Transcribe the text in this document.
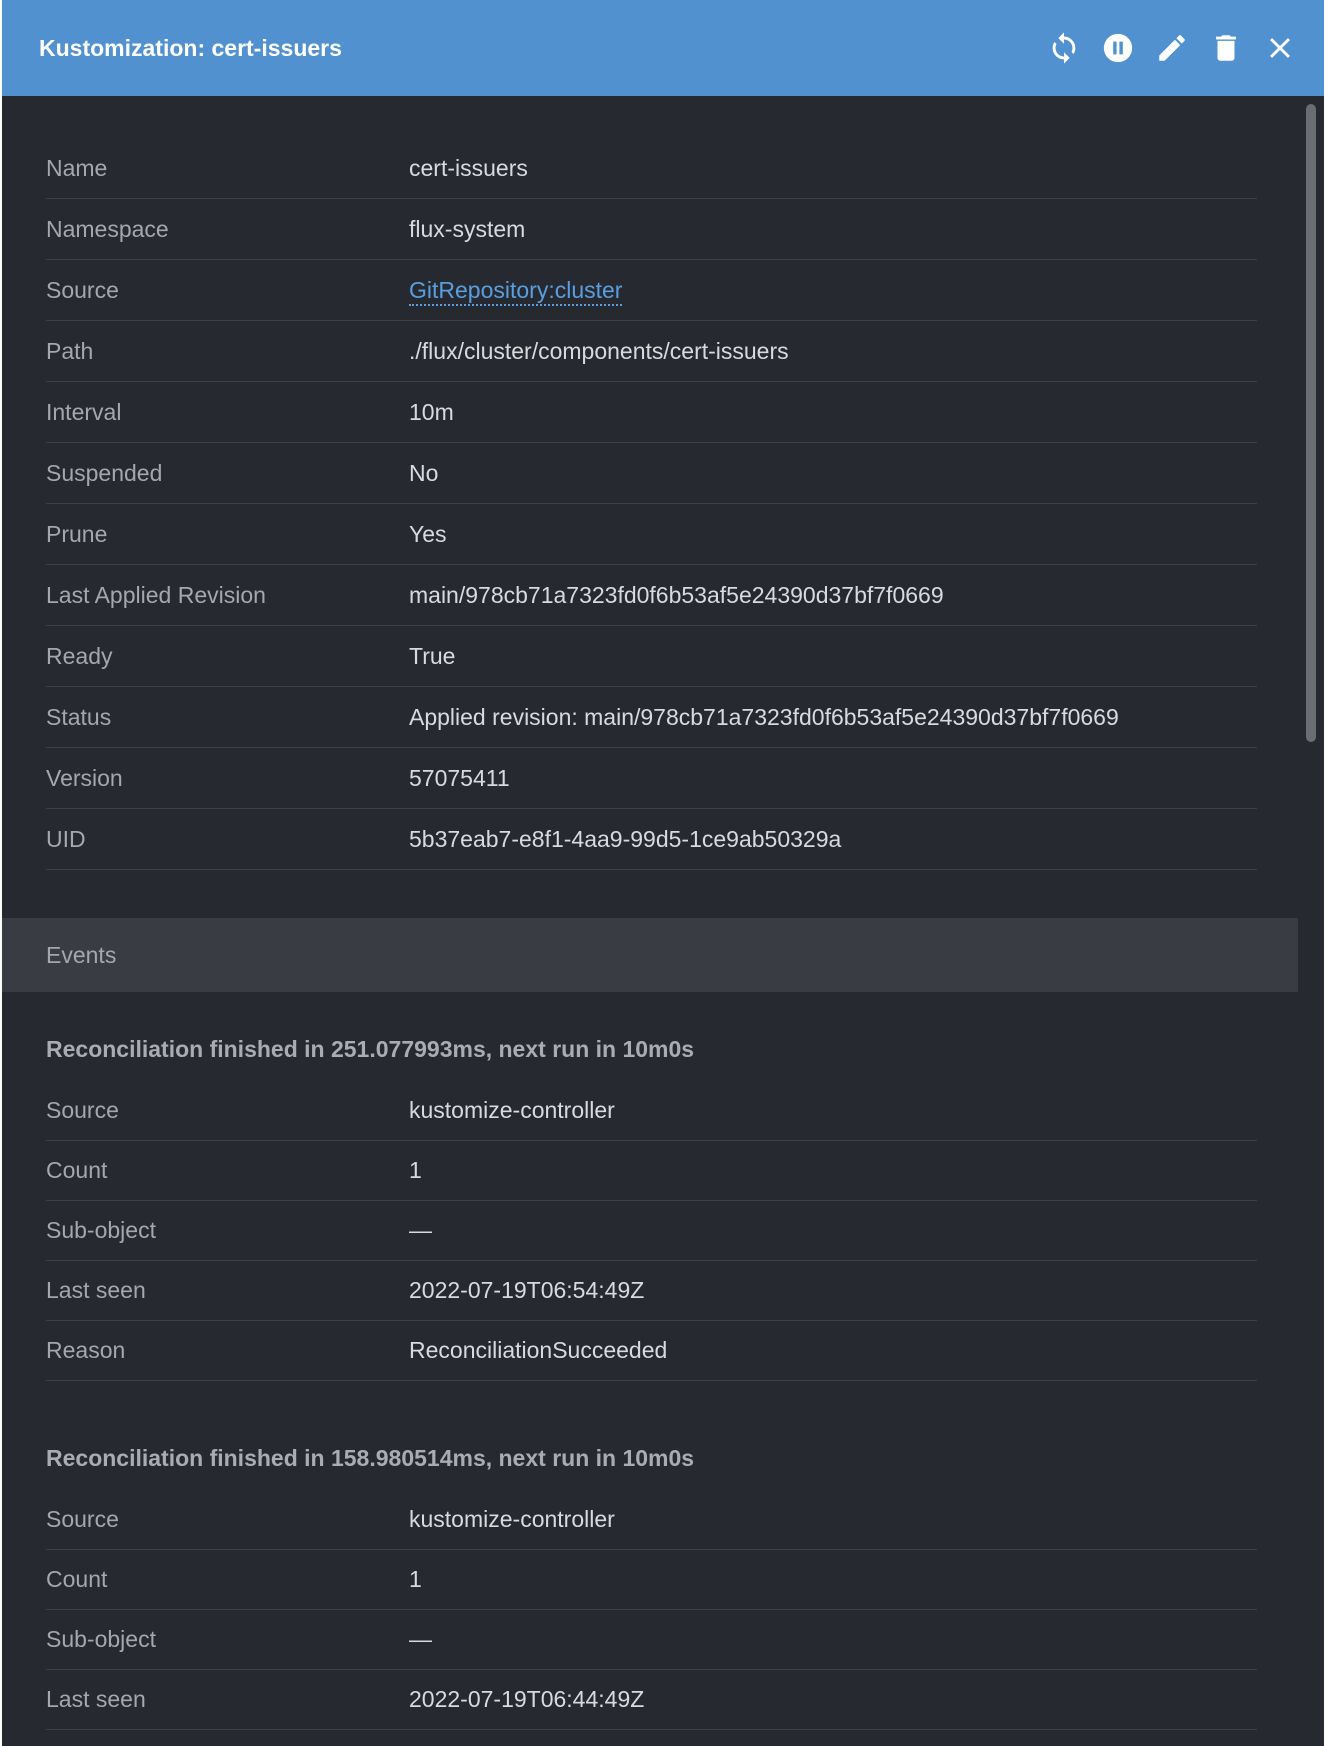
Kustomization: cert-issuers
Name	cert-issuers
Namespace	flux-system
Source	GitRepository:cluster
Path	./flux/cluster/components/cert-issuers
Interval	10m
Suspended	No
Prune	Yes
Last Applied Revision	main/978cb71a7323fd0f6b53af5e24390d37bf7f0669
Ready	True
Status	Applied revision: main/978cb71a7323fd0f6b53af5e24390d37bf7f0669
Version	57075411
UID	5b37eab7-e8f1-4aa9-99d5-1ce9ab50329a
Events
Reconciliation finished in 251.077993ms, next run in 10m0s
Source	kustomize-controller
Count	1
Sub-object	—
Last seen	2022-07-19T06:54:49Z
Reason	ReconciliationSucceeded
Reconciliation finished in 158.980514ms, next run in 10m0s
Source	kustomize-controller
Count	1
Sub-object	—
Last seen	2022-07-19T06:44:49Z
